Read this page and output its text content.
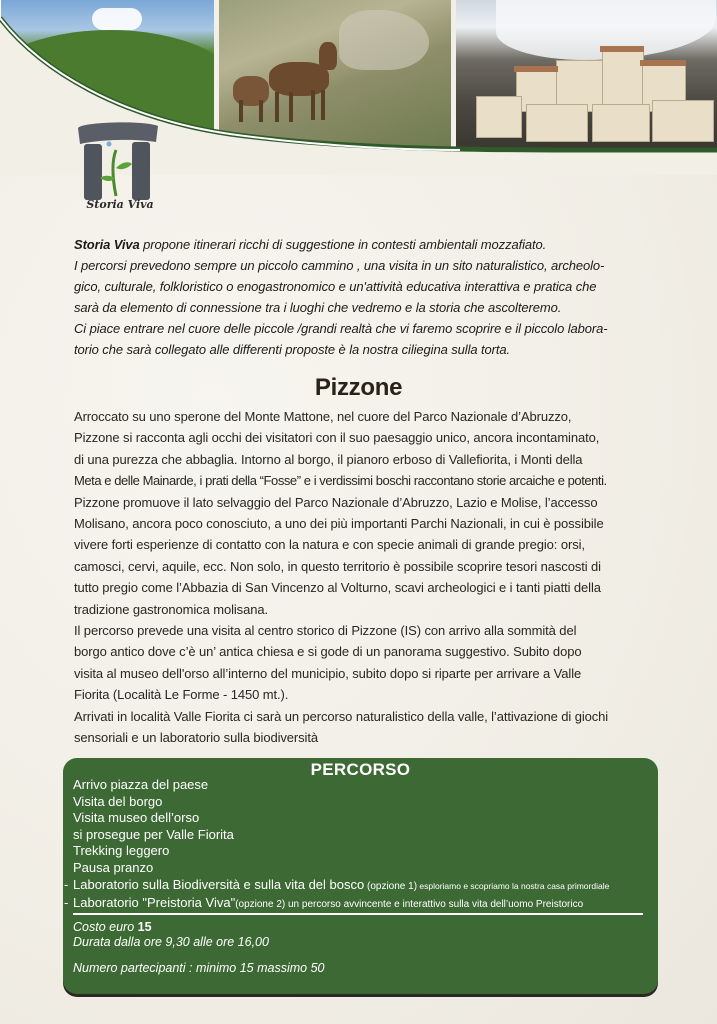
Storia Viva

Storia Viva propone itinerari ricchi di suggestione in contesti ambientali mozzafiato.

I percorsi prevedono sempre un piccolo cammino , una visita in un sito naturalistico, archeolo-

gico, culturale, folkloristico o enogastronomico e un'attività educativa interattiva e pratica che

sarà da elemento di connessione tra i luoghi che vedremo e la storia che ascolteremo.

Ci piace entrare nel cuore delle piccole /grandi realtà che vi faremo scoprire e il piccolo labora-

torio che sarà collegato alle differenti proposte è la nostra ciliegina sulla torta.

Pizzone

Arroccato su uno sperone del Monte Mattone, nel cuore del Parco Nazionale d’Abruzzo,

Pizzone si racconta agli occhi dei visitatori con il suo paesaggio unico, ancora incontaminato,

di una purezza che abbaglia. Intorno al borgo, il pianoro erboso di Vallefiorita, i Monti della

Meta e delle Mainarde, i prati della “Fosse” e i verdissimi boschi raccontano storie arcaiche e potenti.

Pizzone promuove il lato selvaggio del Parco Nazionale d’Abruzzo, Lazio e Molise, l’accesso

Molisano, ancora poco conosciuto, a uno dei più importanti Parchi Nazionali, in cui è possibile

vivere forti esperienze di contatto con la natura e con specie animali di grande pregio: orsi,

camosci, cervi, aquile, ecc. Non solo, in questo territorio è possibile scoprire tesori nascosti di

tutto pregio come l’Abbazia di San Vincenzo al Volturno, scavi archeologici e i tanti piatti della

tradizione gastronomica molisana.

Il percorso prevede una visita al centro storico di Pizzone (IS) con arrivo alla sommità del

borgo antico dove c’è un’ antica chiesa e si gode di un panorama suggestivo. Subito dopo

visita al museo dell'orso all’interno del municipio, subito dopo si riparte per arrivare a Valle

Fiorita (Località Le Forme - 1450 mt.).

Arrivati in località Valle Fiorita ci sarà un percorso naturalistico della valle, l’attivazione di giochi

sensoriali e un laboratorio sulla biodiversità

PERCORSO
Arrivo piazza del paese
Visita del borgo
Visita museo dell’orso
si prosegue per Valle Fiorita
Trekking leggero
Pausa pranzo
- Laboratorio sulla Biodiversità e sulla vita del bosco (opzione 1) esploriamo e scopriamo la nostra casa primordiale
- Laboratorio "Preistoria Viva"(opzione 2) un percorso avvincente e interattivo sulla vita dell’uomo Preistorico

Costo euro 15

Durata dalla ore 9,30 alle ore 16,00

Numero partecipanti : minimo 15 massimo 50
